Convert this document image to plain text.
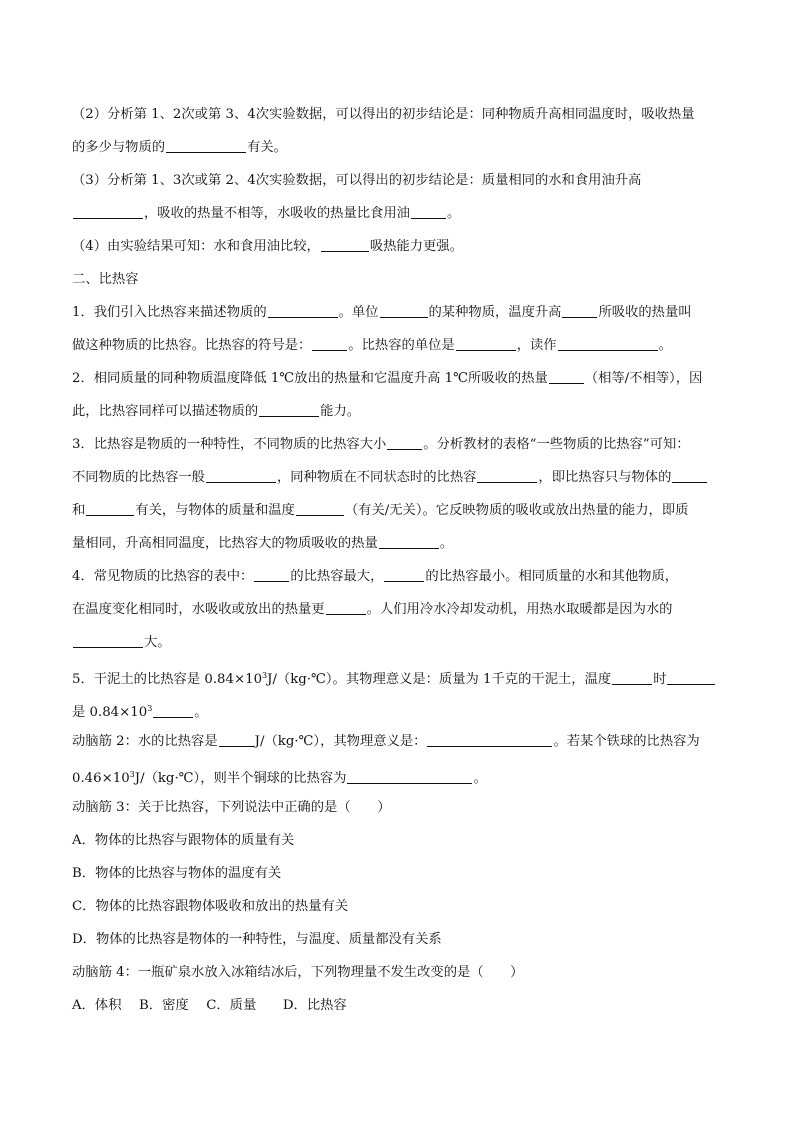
（2）分析第 1、2次或第 3、4次实验数据，可以得出的初步结论是：同种物质升高相同温度时，吸收热量
的多少与物质的	有关。
（3）分析第 1、3次或第 2、4次实验数据，可以得出的初步结论是：质量相同的水和食用油升高
，吸收的热量不相等，水吸收的热量比食用油	。
（4）由实验结果可知：水和食用油比较，	吸热能力更强。
二、比热容
1．我们引入比热容来描述物质的	。单位	的某种物质，温度升高	所吸收的热量叫
做这种物质的比热容。比热容的符号是：	。比热容的单位是	，读作	。
2．相同质量的同种物质温度降低 1℃放出的热量和它温度升高 1℃所吸收的热量	（相等/不相等），因
此，比热容同样可以描述物质的	能力。
3．比热容是物质的一种特性，不同物质的比热容大小	。分析教材的表格“一些物质的比热容”可知：
不同物质的比热容一般	，同种物质在不同状态时的比热容	，即比热容只与物体的
和	有关，与物体的质量和温度	（有关/无关）。它反映物质的吸收或放出热量的能力，即质
量相同，升高相同温度，比热容大的物质吸收的热量	。
4．常见物质的比热容的表中：	的比热容最大，	的比热容最小。相同质量的水和其他物质，
在温度变化相同时，水吸收或放出的热量更	。人们用冷水冷却发动机，用热水取暖都是因为水的
大。
5．干泥土的比热容是 $0.84\times 10^3J/(kg\cdot℃)$。其物理意义是：质量为 1千克的干泥土，温度	时
是 $0.84\times 10^3$	。
动脑筋 2：水的比热容是	J/（kg·℃），其物理意义是：	。若某个铁球的比热容为
$0.46\times 10^3J/(kg\cdot℃)$，则半个铜球的比热容为	。
动脑筋 3：关于比热容，下列说法中正确的是（　　）
A．物体的比热容与跟物体的质量有关
B．物体的比热容与物体的温度有关
C．物体的比热容跟物体吸收和放出的热量有关
D．物体的比热容是物体的一种特性，与温度、质量都没有关系
动脑筋 4：一瓶矿泉水放入冰箱结冰后，下列物理量不发生改变的是（　　）
A．体积　 B．密度　 C．质量　　D．比热容
